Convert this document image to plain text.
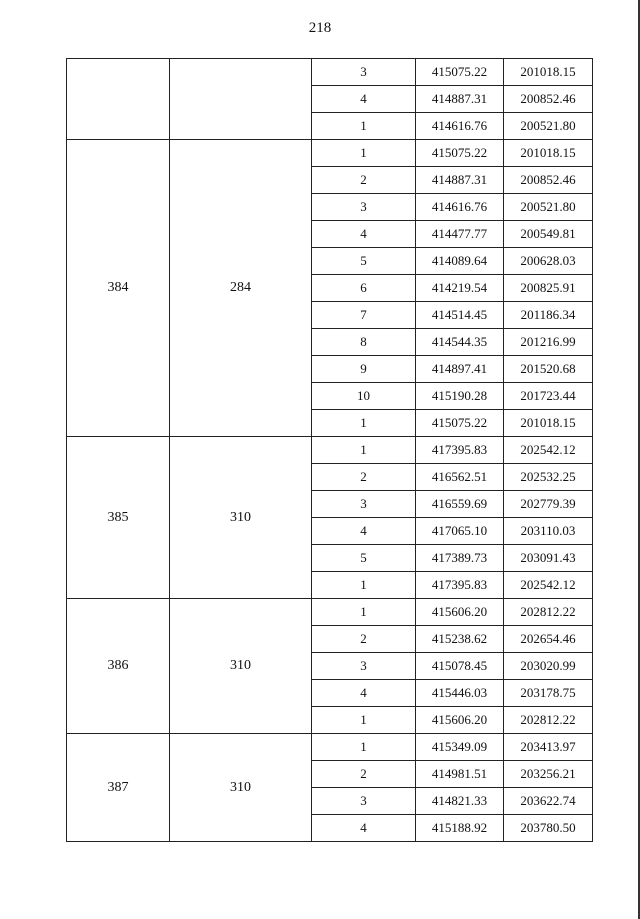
218
		3	415075.22	201018.15
		4	414887.31	200852.46
		1	414616.76	200521.80
384	284	1	415075.22	201018.15
		2	414887.31	200852.46
		3	414616.76	200521.80
		4	414477.77	200549.81
		5	414089.64	200628.03
		6	414219.54	200825.91
		7	414514.45	201186.34
		8	414544.35	201216.99
		9	414897.41	201520.68
		10	415190.28	201723.44
		1	415075.22	201018.15
385	310	1	417395.83	202542.12
		2	416562.51	202532.25
		3	416559.69	202779.39
		4	417065.10	203110.03
		5	417389.73	203091.43
		1	417395.83	202542.12
386	310	1	415606.20	202812.22
		2	415238.62	202654.46
		3	415078.45	203020.99
		4	415446.03	203178.75
		1	415606.20	202812.22
387	310	1	415349.09	203413.97
		2	414981.51	203256.21
		3	414821.33	203622.74
		4	415188.92	203780.50
